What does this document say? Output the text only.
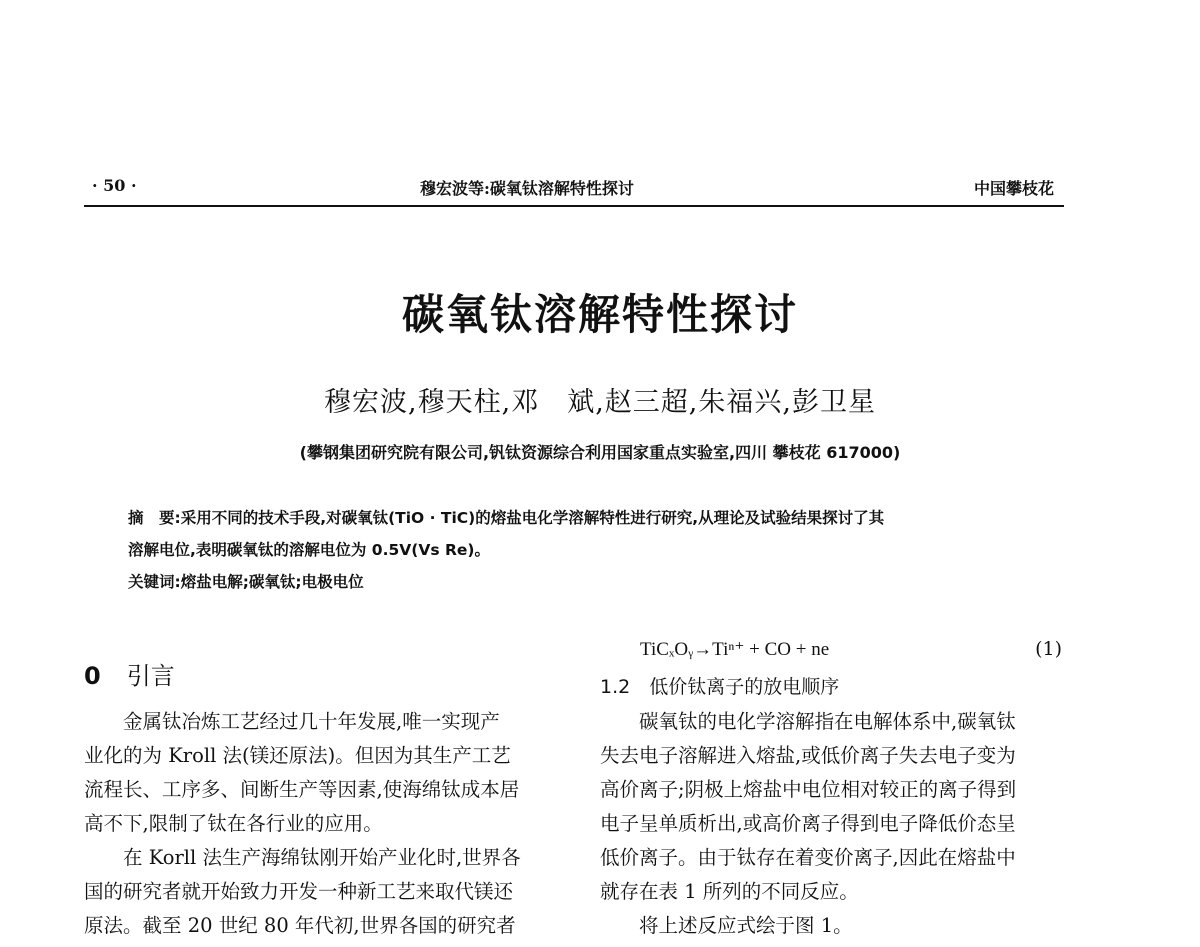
· 50 ·	穆宏波等:碳氧钛溶解特性探讨	中国攀枝花
碳氧钛溶解特性探讨
穆宏波,穆天柱,邓　斌,赵三超,朱福兴,彭卫星
(攀钢集团研究院有限公司,钒钛资源综合利用国家重点实验室,四川 攀枝花 617000)

摘　要:采用不同的技术手段,对碳氧钛(TiO · TiC)的熔盐电化学溶解特性进行研究,从理论及试验结果探讨了其

溶解电位,表明碳氧钛的溶解电位为 0.5V(Vs Re)。

关键词:熔盐电解;碳氧钛;电极电位

0 引言

金属钛冶炼工艺经过几十年发展,唯一实现产

业化的为 Kroll 法(镁还原法)。但因为其生产工艺

流程长、工序多、间断生产等因素,使海绵钛成本居

高不下,限制了钛在各行业的应用。

在 Korll 法生产海绵钛刚开始产业化时,世界各

国的研究者就开始致力开发一种新工艺来取代镁还

原法。截至 20 世纪 80 年代初,世界各国的研究者

TiCₓOᵧ→Tiⁿ⁺ + CO + ne	(1)
1.2　低价钛离子的放电顺序

碳氧钛的电化学溶解指在电解体系中,碳氧钛

失去电子溶解进入熔盐,或低价离子失去电子变为

高价离子;阴极上熔盐中电位相对较正的离子得到

电子呈单质析出,或高价离子得到电子降低价态呈

低价离子。由于钛存在着变价离子,因此在熔盐中

就存在表 1 所列的不同反应。

将上述反应式绘于图 1。
